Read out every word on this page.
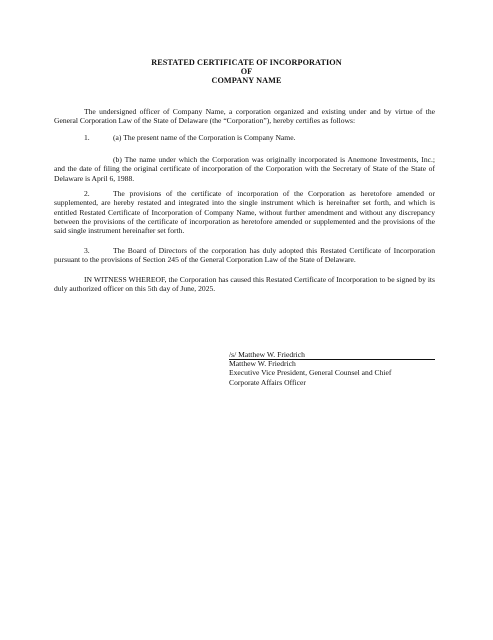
RESTATED CERTIFICATE OF INCORPORATION
OF
COMPANY NAME

The undersigned officer of Company Name, a corporation organized and existing under and by virtue of the General Corporation Law of the State of Delaware (the “Corporation”), hereby certifies as follows:

1.	(a) The present name of the Corporation is Company Name.

(b) The name under which the Corporation was originally incorporated is Anemone Investments, Inc.; and the date of filing the original certificate of incorporation of the Corporation with the Secretary of State of the State of Delaware is April 6, 1988.

2.	The provisions of the certificate of incorporation of the Corporation as heretofore amended or supplemented, are hereby restated and integrated into the single instrument which is hereinafter set forth, and which is entitled Restated Certificate of Incorporation of Company Name, without further amendment and without any discrepancy between the provisions of the certificate of incorporation as heretofore amended or supplemented and the provisions of the said single instrument hereinafter set forth.

3.	The Board of Directors of the corporation has duly adopted this Restated Certificate of Incorporation pursuant to the provisions of Section 245 of the General Corporation Law of the State of Delaware.

IN WITNESS WHEREOF, the Corporation has caused this Restated Certificate of Incorporation to be signed by its duly authorized officer on this 5th day of June, 2025.

/s/ Matthew W. Friedrich
Matthew W. Friedrich
Executive Vice President, General Counsel and Chief
Corporate Affairs Officer
